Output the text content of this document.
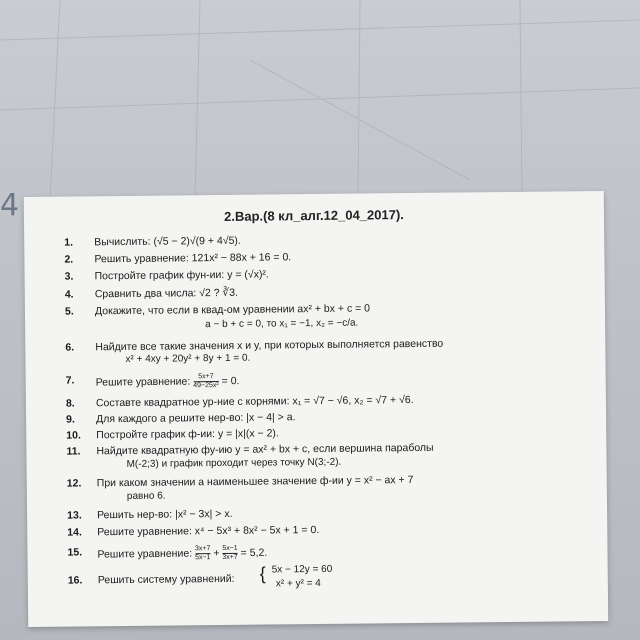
4	2.Вар.(8 кл_алг.12_04_2017).
1. Вычислить: (√5 − 2)√(9 + 4√5).
2. Решить уравнение: 121x² − 88x + 16 = 0.
3. Постройте график фун-ии: y = (√x)².
4. Сравнить два числа: √2 ? ∛3.
5. Докажите, что если в квад-ом уравнении ax² + bx + c = 0
a − b + c = 0, то x₁ = −1, x₂ = −c/a.
6. Найдите все такие значения x и y, при которых выполняется равенство
x² + 4xy + 20y² + 8y + 1 = 0.
7. Решите уравнение: $\frac{5x+7}{\text{49−25x²}} = 0$.
8. Составте квадратное ур-ние с корнями: x₁ = √7 − √6, x₂ = √7 + √6.
9. Для каждого a решите нер-во: |x − 4| > a.
10. Постройте график ф-ии: y = |x|(x − 2).
11. Найдите квадратную фу-ию y = ax² + bx + c, если вершина параболы
M(-2;3) и график проходит через точку N(3;-2).
12. При каком значении a наименьшее значение ф-ии y = x² − ax + 7
равно 6.
13. Решить нер-во: |x² − 3x| > x.
14. Решите уравнение: x⁴ − 5x³ + 8x² − 5x + 1 = 0.
15. Решите уравнение: $\frac{3x+7}{5x-1} + \frac{5x-1}{3x+7} = 5,2$.
16. Решить систему уравнений: { 5x − 12y = 60
x² + y² = 4
